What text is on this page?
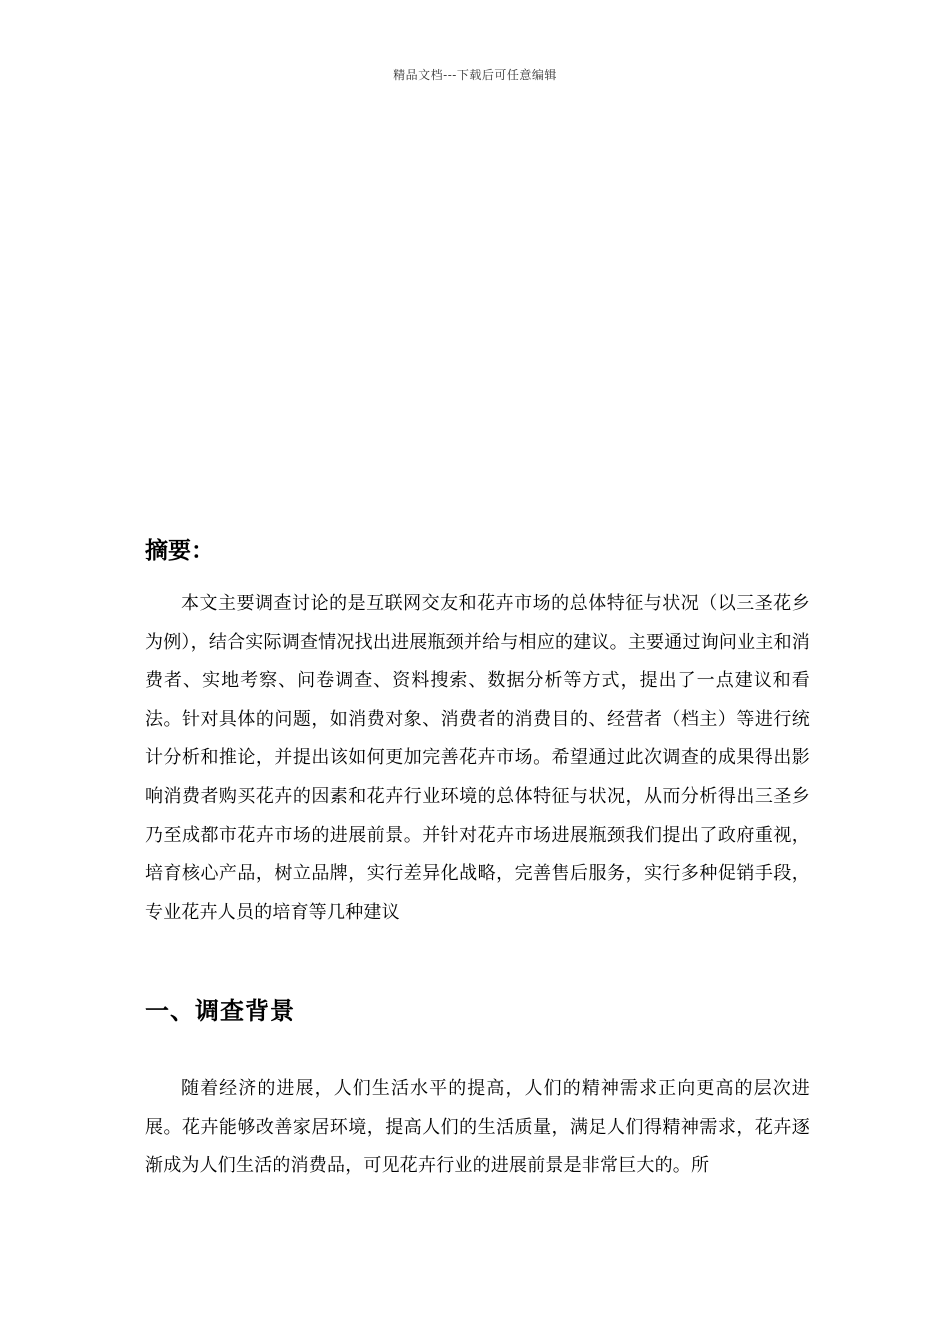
精品文档---下载后可任意编辑
摘要：

本文主要调查讨论的是互联网交友和花卉市场的总体特征与状况（以三圣花乡为例），结合实际调查情况找出进展瓶颈并给与相应的建议。主要通过询问业主和消费者、实地考察、问卷调查、资料搜索、数据分析等方式，提出了一点建议和看法。针对具体的问题，如消费对象、消费者的消费目的、经营者（档主）等进行统计分析和推论，并提出该如何更加完善花卉市场。希望通过此次调查的成果得出影响消费者购买花卉的因素和花卉行业环境的总体特征与状况，从而分析得出三圣乡乃至成都市花卉市场的进展前景。并针对花卉市场进展瓶颈我们提出了政府重视，培育核心产品，树立品牌，实行差异化战略，完善售后服务，实行多种促销手段，专业花卉人员的培育等几种建议

一、调查背景

随着经济的进展，人们生活水平的提高，人们的精神需求正向更高的层次进展。花卉能够改善家居环境，提高人们的生活质量，满足人们得精神需求，花卉逐渐成为人们生活的消费品，可见花卉行业的进展前景是非常巨大的。所
